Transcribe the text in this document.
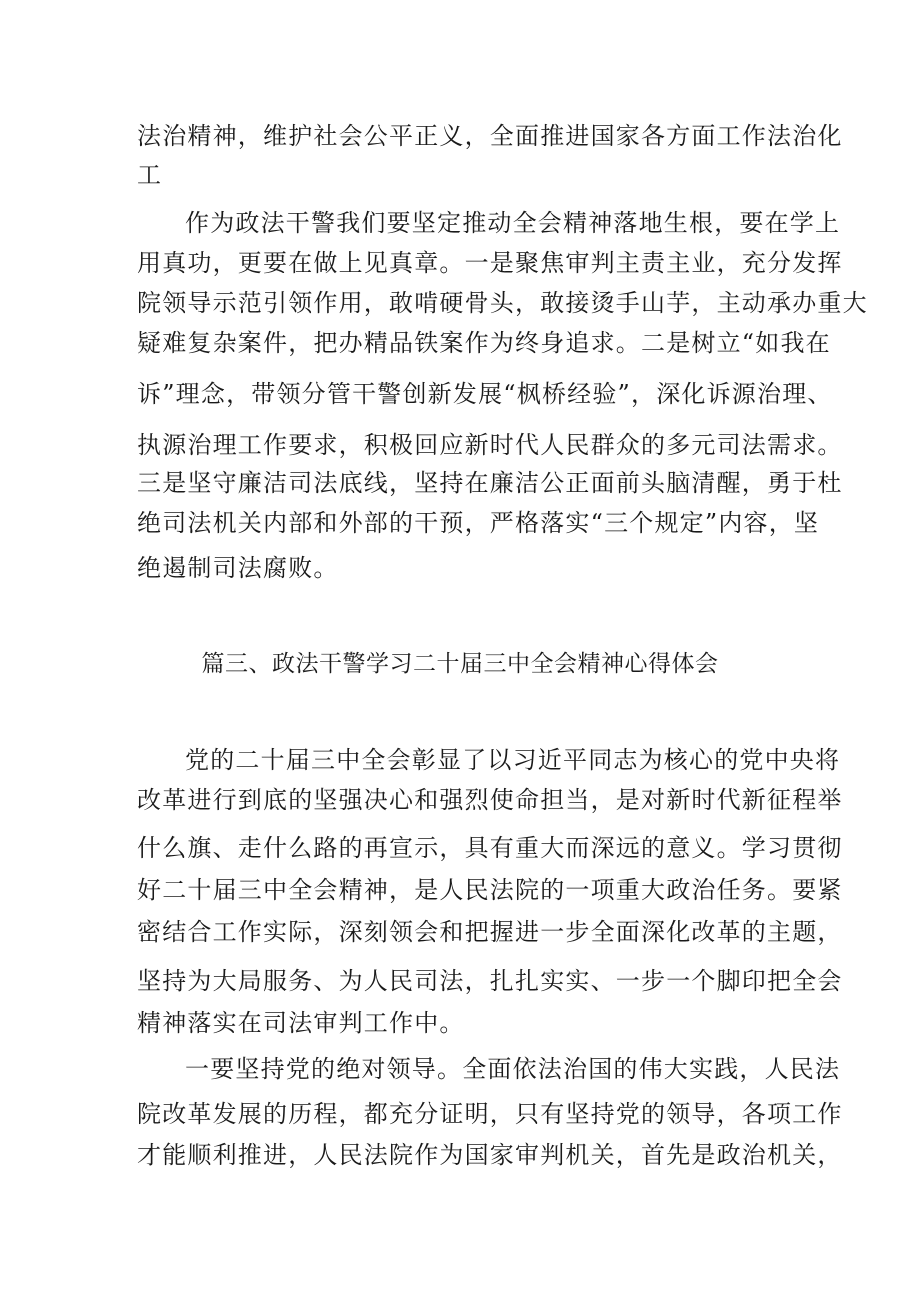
法治精神，维护社会公平正义，全面推进国家各方面工作法治化

工

作为政法干警我们要坚定推动全会精神落地生根，要在学上

用真功，更要在做上见真章。一是聚焦审判主责主业，充分发挥

院领导示范引领作用，敢啃硬骨头，敢接烫手山芋，主动承办重大

疑难复杂案件，把办精品铁案作为终身追求。二是树立“如我在

诉”理念，带领分管干警创新发展“枫桥经验”，深化诉源治理、

执源治理工作要求，积极回应新时代人民群众的多元司法需求。

三是坚守廉洁司法底线，坚持在廉洁公正面前头脑清醒，勇于杜

绝司法机关内部和外部的干预，严格落实“三个规定”内容，坚

绝遏制司法腐败。

篇三、政法干警学习二十届三中全会精神心得体会

党的二十届三中全会彰显了以习近平同志为核心的党中央将

改革进行到底的坚强决心和强烈使命担当，是对新时代新征程举

什么旗、走什么路的再宣示，具有重大而深远的意义。学习贯彻

好二十届三中全会精神，是人民法院的一项重大政治任务。要紧

密结合工作实际，深刻领会和把握进一步全面深化改革的主题，

坚持为大局服务、为人民司法，扎扎实实、一步一个脚印把全会

精神落实在司法审判工作中。

一要坚持党的绝对领导。全面依法治国的伟大实践，人民法

院改革发展的历程，都充分证明，只有坚持党的领导，各项工作

才能顺利推进，人民法院作为国家审判机关，首先是政治机关，
